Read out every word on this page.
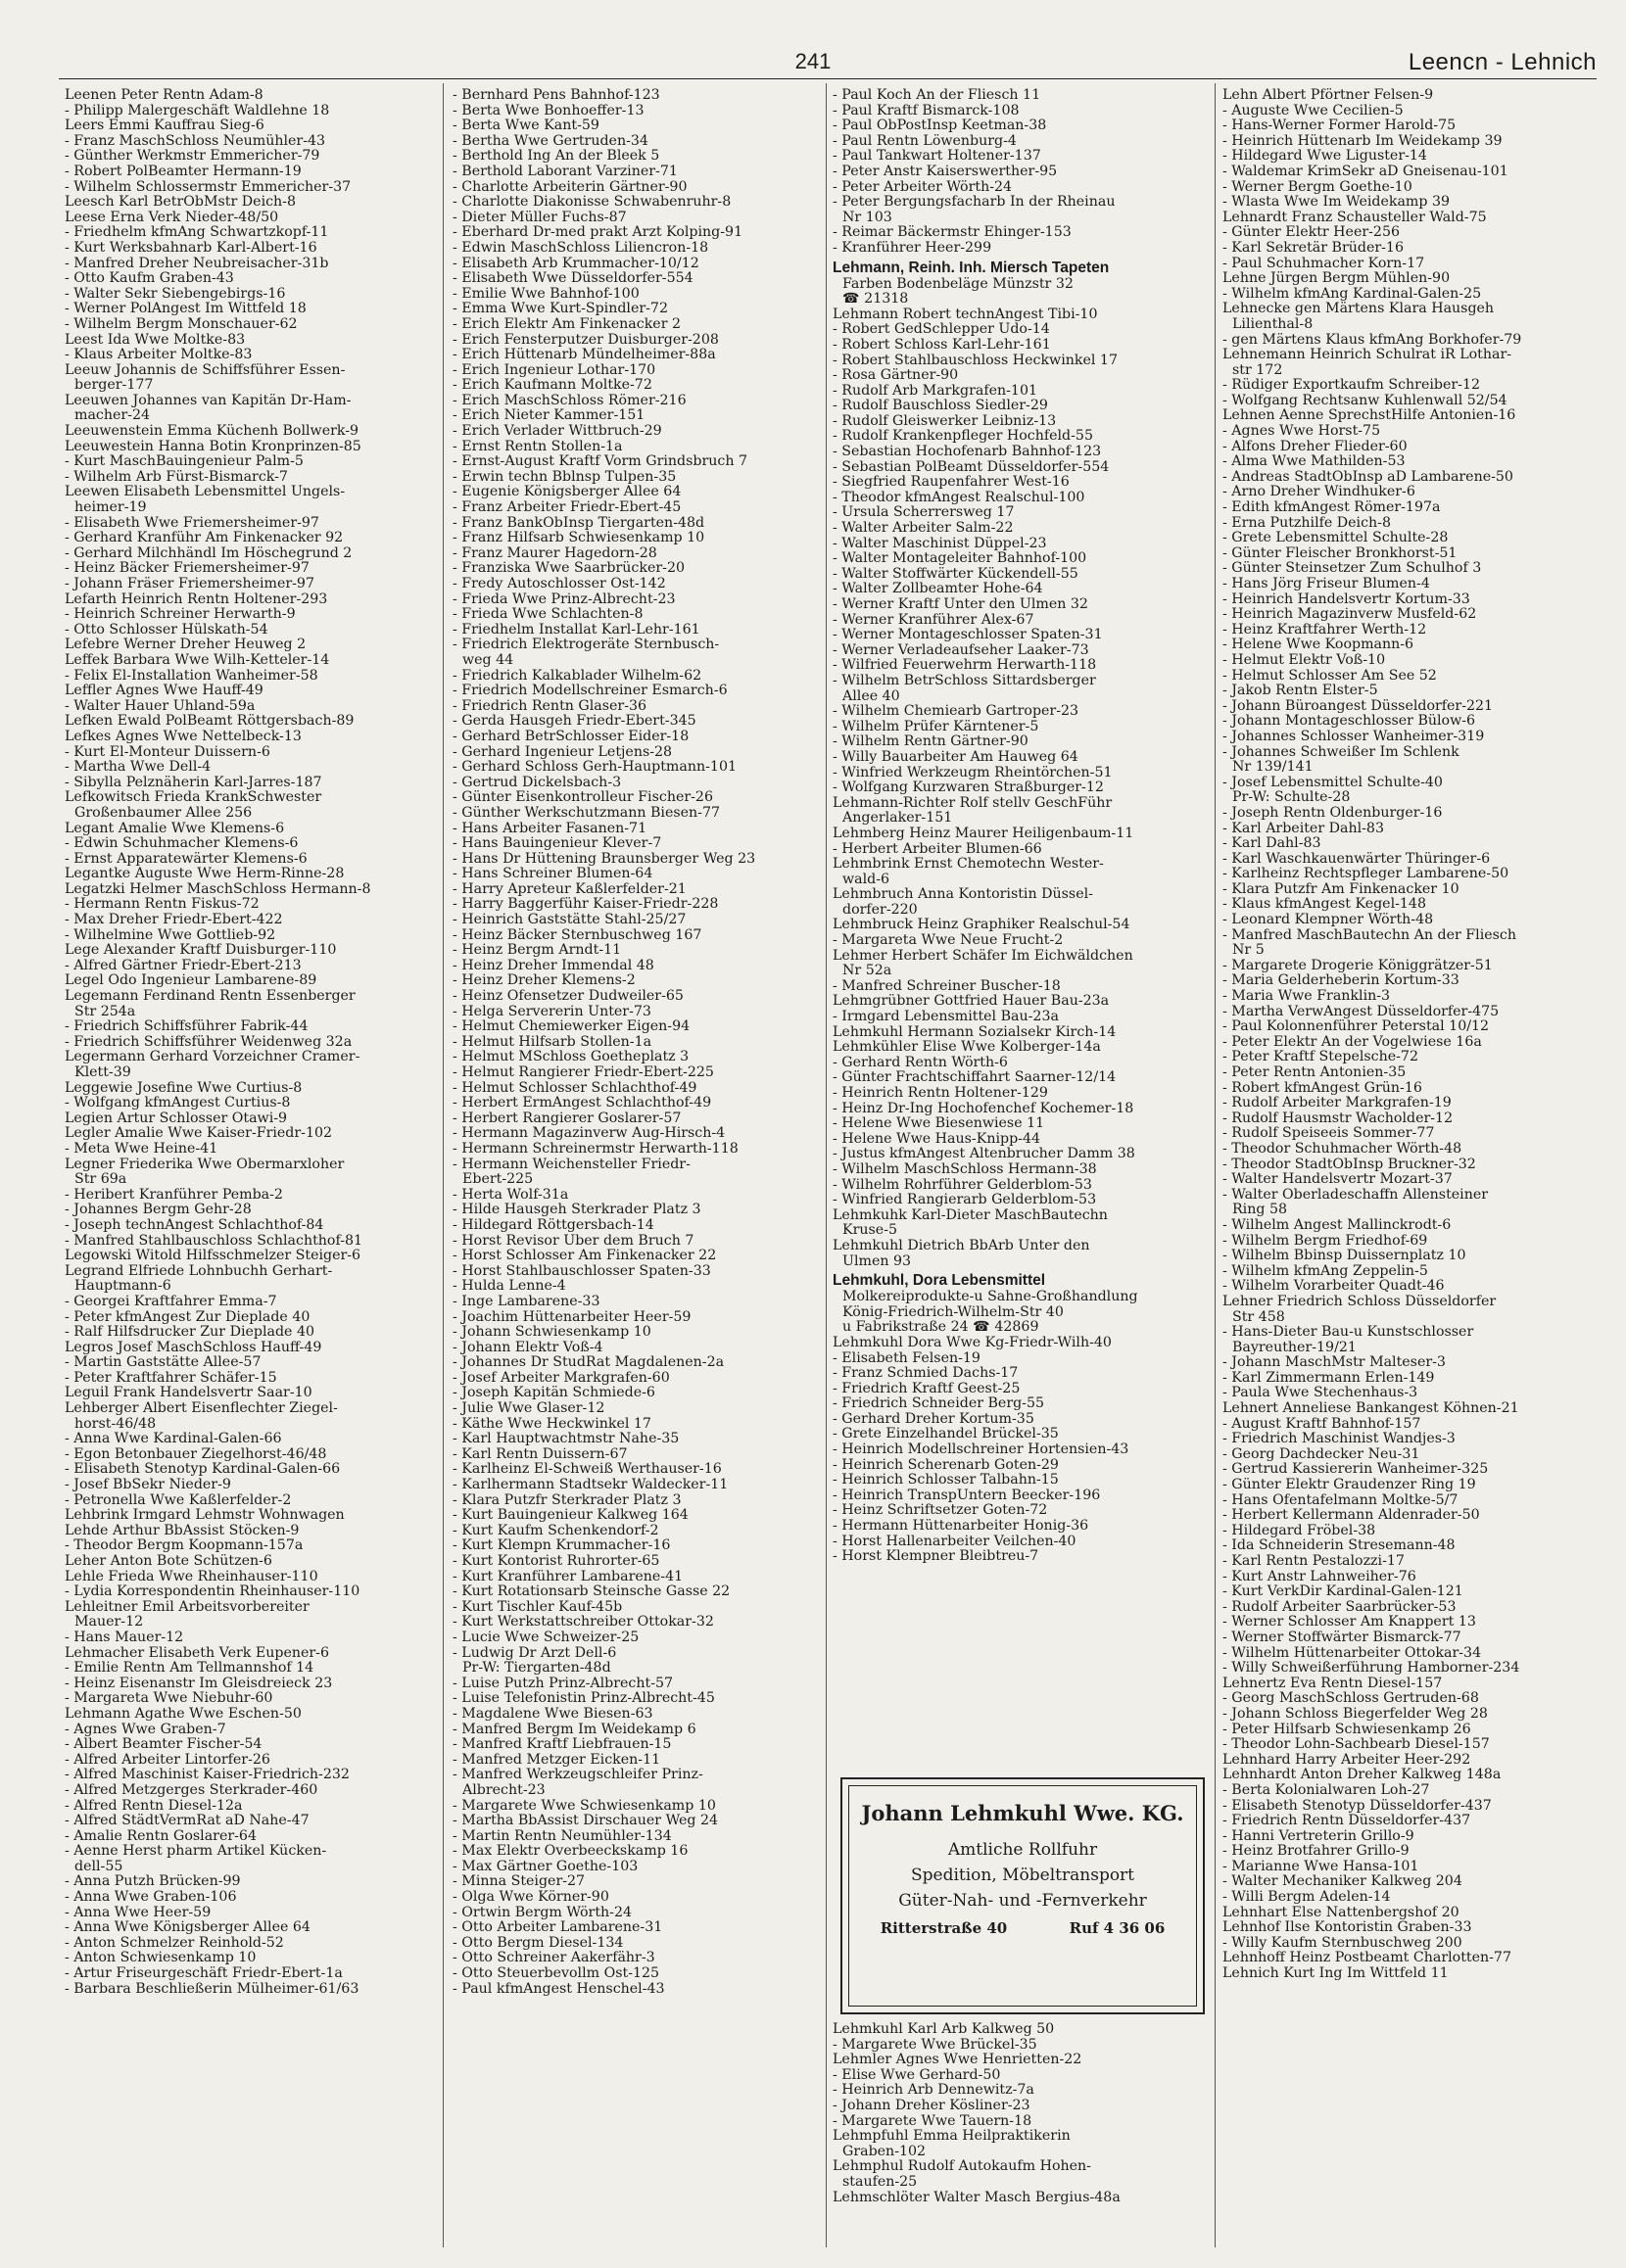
241	Leencn - Lehnich
Leenen Peter Rentn Adam-8
- Philipp Malergeschäft Waldlehne 18
Leers Emmi Kauffrau Sieg-6
- Franz MaschSchloss Neumühler-43
- Günther Werkmstr Emmericher-79
- Robert PolBeamter Hermann-19
- Wilhelm Schlossermstr Emmericher-37
Leesch Karl BetrObMstr Deich-8
Leese Erna Verk Nieder-48/50
- Friedhelm kfmAng Schwartzkopf-11
- Kurt Werksbahnarb Karl-Albert-16
- Manfred Dreher Neubreisacher-31b
- Otto Kaufm Graben-43
- Walter Sekr Siebengebirgs-16
- Werner PolAngest Im Wittfeld 18
- Wilhelm Bergm Monschauer-62
Leest Ida Wwe Moltke-83
- Klaus Arbeiter Moltke-83
Leeuw Johannis de Schiffsführer Essen-
berger-177
Leeuwen Johannes van Kapitän Dr-Ham-
macher-24
Leeuwenstein Emma Küchenh Bollwerk-9
Leeuwestein Hanna Botin Kronprinzen-85
- Kurt MaschBauingenieur Palm-5
- Wilhelm Arb Fürst-Bismarck-7
Leewen Elisabeth Lebensmittel Ungels-
heimer-19
- Elisabeth Wwe Friemersheimer-97
- Gerhard Kranführ Am Finkenacker 92
- Gerhard Milchhändl Im Höschegrund 2
- Heinz Bäcker Friemersheimer-97
- Johann Fräser Friemersheimer-97
Lefarth Heinrich Rentn Holtener-293
- Heinrich Schreiner Herwarth-9
- Otto Schlosser Hülskath-54
Lefebre Werner Dreher Heuweg 2
Leffek Barbara Wwe Wilh-Ketteler-14
- Felix El-Installation Wanheimer-58
Leffler Agnes Wwe Hauff-49
- Walter Hauer Uhland-59a
Lefken Ewald PolBeamt Röttgersbach-89
Lefkes Agnes Wwe Nettelbeck-13
- Kurt El-Monteur Duissern-6
- Martha Wwe Dell-4
- Sibylla Pelznäherin Karl-Jarres-187
Lefkowitsch Frieda KrankSchwester
Großenbaumer Allee 256
Legant Amalie Wwe Klemens-6
- Edwin Schuhmacher Klemens-6
- Ernst Apparatewärter Klemens-6
Legantke Auguste Wwe Herm-Rinne-28
Legatzki Helmer MaschSchloss Hermann-8
- Hermann Rentn Fiskus-72
- Max Dreher Friedr-Ebert-422
- Wilhelmine Wwe Gottlieb-92
Lege Alexander Kraftf Duisburger-110
- Alfred Gärtner Friedr-Ebert-213
Legel Odo Ingenieur Lambarene-89
Legemann Ferdinand Rentn Essenberger
Str 254a
- Friedrich Schiffsführer Fabrik-44
- Friedrich Schiffsführer Weidenweg 32a
Legermann Gerhard Vorzeichner Cramer-
Klett-39
Leggewie Josefine Wwe Curtius-8
- Wolfgang kfmAngest Curtius-8
Legien Artur Schlosser Otawi-9
Legler Amalie Wwe Kaiser-Friedr-102
- Meta Wwe Heine-41
Legner Friederika Wwe Obermarxloher
Str 69a
- Heribert Kranführer Pemba-2
- Johannes Bergm Gehr-28
- Joseph technAngest Schlachthof-84
- Manfred Stahlbauschloss Schlachthof-81
Legowski Witold Hilfsschmelzer Steiger-6
Legrand Elfriede Lohnbuchh Gerhart-
Hauptmann-6
- Georgei Kraftfahrer Emma-7
- Peter kfmAngest Zur Dieplade 40
- Ralf Hilfsdrucker Zur Dieplade 40
Legros Josef MaschSchloss Hauff-49
- Martin Gaststätte Allee-57
- Peter Kraftfahrer Schäfer-15
Leguil Frank Handelsvertr Saar-10
Lehberger Albert Eisenflechter Ziegel-
horst-46/48
- Anna Wwe Kardinal-Galen-66
- Egon Betonbauer Ziegelhorst-46/48
- Elisabeth Stenotyp Kardinal-Galen-66
- Josef BbSekr Nieder-9
- Petronella Wwe Kaßlerfelder-2
Lehbrink Irmgard Lehmstr Wohnwagen
Lehde Arthur BbAssist Stöcken-9
- Theodor Bergm Koopmann-157a
Leher Anton Bote Schützen-6
Lehle Frieda Wwe Rheinhauser-110
- Lydia Korrespondentin Rheinhauser-110
Lehleitner Emil Arbeitsvorbereiter
Mauer-12
- Hans Mauer-12
Lehmacher Elisabeth Verk Eupener-6
- Emilie Rentn Am Tellmannshof 14
- Heinz Eisenanstr Im Gleisdreieck 23
- Margareta Wwe Niebuhr-60
Lehmann Agathe Wwe Eschen-50
- Agnes Wwe Graben-7
- Albert Beamter Fischer-54
- Alfred Arbeiter Lintorfer-26
- Alfred Maschinist Kaiser-Friedrich-232
- Alfred Metzgerges Sterkrader-460
- Alfred Rentn Diesel-12a
- Alfred StädtVermRat aD Nahe-47
- Amalie Rentn Goslarer-64
- Aenne Herst pharm Artikel Kücken-
dell-55
- Anna Putzh Brücken-99
- Anna Wwe Graben-106
- Anna Wwe Heer-59
- Anna Wwe Königsberger Allee 64
- Anton Schmelzer Reinhold-52
- Anton Schwiesenkamp 10
- Artur Friseurgeschäft Friedr-Ebert-1a
- Barbara Beschließerin Mülheimer-61/63
- Bernhard Pens Bahnhof-123
- Berta Wwe Bonhoeffer-13
- Berta Wwe Kant-59
- Bertha Wwe Gertruden-34
- Berthold Ing An der Bleek 5
- Berthold Laborant Varziner-71
- Charlotte Arbeiterin Gärtner-90
- Charlotte Diakonisse Schwabenruhr-8
- Dieter Müller Fuchs-87
- Eberhard Dr-med prakt Arzt Kolping-91
- Edwin MaschSchloss Liliencron-18
- Elisabeth Arb Krummacher-10/12
- Elisabeth Wwe Düsseldorfer-554
- Emilie Wwe Bahnhof-100
- Emma Wwe Kurt-Spindler-72
- Erich Elektr Am Finkenacker 2
- Erich Fensterputzer Duisburger-208
- Erich Hüttenarb Mündelheimer-88a
- Erich Ingenieur Lothar-170
- Erich Kaufmann Moltke-72
- Erich MaschSchloss Römer-216
- Erich Nieter Kammer-151
- Erich Verlader Wittbruch-29
- Ernst Rentn Stollen-1a
- Ernst-August Kraftf Vorm Grindsbruch 7
- Erwin techn Bblnsp Tulpen-35
- Eugenie Königsberger Allee 64
- Franz Arbeiter Friedr-Ebert-45
- Franz BankObInsp Tiergarten-48d
- Franz Hilfsarb Schwiesenkamp 10
- Franz Maurer Hagedorn-28
- Franziska Wwe Saarbrücker-20
- Fredy Autoschlosser Ost-142
- Frieda Wwe Prinz-Albrecht-23
- Frieda Wwe Schlachten-8
- Friedhelm Installat Karl-Lehr-161
- Friedrich Elektrogeräte Sternbusch-
weg 44
- Friedrich Kalkablader Wilhelm-62
- Friedrich Modellschreiner Esmarch-6
- Friedrich Rentn Glaser-36
- Gerda Hausgeh Friedr-Ebert-345
- Gerhard BetrSchlosser Eider-18
- Gerhard Ingenieur Letjens-28
- Gerhard Schloss Gerh-Hauptmann-101
- Gertrud Dickelsbach-3
- Günter Eisenkontrolleur Fischer-26
- Günther Werkschutzmann Biesen-77
- Hans Arbeiter Fasanen-71
- Hans Bauingenieur Klever-7
- Hans Dr Hüttening Braunsberger Weg 23
- Hans Schreiner Blumen-64
- Harry Apreteur Kaßlerfelder-21
- Harry Baggerführ Kaiser-Friedr-228
- Heinrich Gaststätte Stahl-25/27
- Heinz Bäcker Sternbuschweg 167
- Heinz Bergm Arndt-11
- Heinz Dreher Immendal 48
- Heinz Dreher Klemens-2
- Heinz Ofensetzer Dudweiler-65
- Helga Servererin Unter-73
- Helmut Chemiewerker Eigen-94
- Helmut Hilfsarb Stollen-1a
- Helmut MSchloss Goetheplatz 3
- Helmut Rangierer Friedr-Ebert-225
- Helmut Schlosser Schlachthof-49
- Herbert ErmAngest Schlachthof-49
- Herbert Rangierer Goslarer-57
- Hermann Magazinverw Aug-Hirsch-4
- Hermann Schreinermstr Herwarth-118
- Hermann Weichensteller Friedr-
Ebert-225
- Herta Wolf-31a
- Hilde Hausgeh Sterkrader Platz 3
- Hildegard Röttgersbach-14
- Horst Revisor Über dem Bruch 7
- Horst Schlosser Am Finkenacker 22
- Horst Stahlbauschlosser Spaten-33
- Hulda Lenne-4
- Inge Lambarene-33
- Joachim Hüttenarbeiter Heer-59
- Johann Schwiesenkamp 10
- Johann Elektr Voß-4
- Johannes Dr StudRat Magdalenen-2a
- Josef Arbeiter Markgrafen-60
- Joseph Kapitän Schmiede-6
- Julie Wwe Glaser-12
- Käthe Wwe Heckwinkel 17
- Karl Hauptwachtmstr Nahe-35
- Karl Rentn Duissern-67
- Karlheinz El-Schweiß Werthauser-16
- Karlhermann Stadtsekr Waldecker-11
- Klara Putzfr Sterkrader Platz 3
- Kurt Bauingenieur Kalkweg 164
- Kurt Kaufm Schenkendorf-2
- Kurt Klempn Krummacher-16
- Kurt Kontorist Ruhrorter-65
- Kurt Kranführer Lambarene-41
- Kurt Rotationsarb Steinsche Gasse 22
- Kurt Tischler Kauf-45b
- Kurt Werkstattschreiber Ottokar-32
- Lucie Wwe Schweizer-25
- Ludwig Dr Arzt Dell-6
Pr-W: Tiergarten-48d
- Luise Putzh Prinz-Albrecht-57
- Luise Telefonistin Prinz-Albrecht-45
- Magdalene Wwe Biesen-63
- Manfred Bergm Im Weidekamp 6
- Manfred Kraftf Liebfrauen-15
- Manfred Metzger Eicken-11
- Manfred Werkzeugschleifer Prinz-
Albrecht-23
- Margarete Wwe Schwiesenkamp 10
- Martha BbAssist Dirschauer Weg 24
- Martin Rentn Neumühler-134
- Max Elektr Overbeeckskamp 16
- Max Gärtner Goethe-103
- Minna Steiger-27
- Olga Wwe Körner-90
- Ortwin Bergm Wörth-24
- Otto Arbeiter Lambarene-31
- Otto Bergm Diesel-134
- Otto Schreiner Aakerfähr-3
- Otto Steuerbevollm Ost-125
- Paul kfmAngest Henschel-43
- Paul Koch An der Fliesch 11
- Paul Kraftf Bismarck-108
- Paul ObPostInsp Keetman-38
- Paul Rentn Löwenburg-4
- Paul Tankwart Holtener-137
- Peter Anstr Kaiserswerther-95
- Peter Arbeiter Wörth-24
- Peter Bergungsfacharb In der Rheinau
Nr 103
- Reimar Bäckermstr Ehinger-153
- Kranführer Heer-299
Lehmann, Reinh. Inh. Miersch Tapeten
Farben Bodenbeläge Münzstr 32
☎ 21318
Lehmann Robert technAngest Tibi-10
- Robert GedSchlepper Udo-14
- Robert Schloss Karl-Lehr-161
- Robert Stahlbauschloss Heckwinkel 17
- Rosa Gärtner-90
- Rudolf Arb Markgrafen-101
- Rudolf Bauschloss Siedler-29
- Rudolf Gleiswerker Leibniz-13
- Rudolf Krankenpfleger Hochfeld-55
- Sebastian Hochofenarb Bahnhof-123
- Sebastian PolBeamt Düsseldorfer-554
- Siegfried Raupenfahrer West-16
- Theodor kfmAngest Realschul-100
- Ursula Scherrersweg 17
- Walter Arbeiter Salm-22
- Walter Maschinist Düppel-23
- Walter Montageleiter Bahnhof-100
- Walter Stoffwärter Kückendell-55
- Walter Zollbeamter Hohe-64
- Werner Kraftf Unter den Ulmen 32
- Werner Kranführer Alex-67
- Werner Montageschlosser Spaten-31
- Werner Verladeaufseher Laaker-73
- Wilfried Feuerwehrm Herwarth-118
- Wilhelm BetrSchloss Sittardsberger
Allee 40
- Wilhelm Chemiearb Gartroper-23
- Wilhelm Prüfer Kärntener-5
- Wilhelm Rentn Gärtner-90
- Willy Bauarbeiter Am Hauweg 64
- Winfried Werkzeugm Rheintörchen-51
- Wolfgang Kurzwaren Straßburger-12
Lehmann-Richter Rolf stellv GeschFühr
Angerlaker-151
Lehmberg Heinz Maurer Heiligenbaum-11
- Herbert Arbeiter Blumen-66
Lehmbrink Ernst Chemotechn Wester-
wald-6
Lehmbruch Anna Kontoristin Düssel-
dorfer-220
Lehmbruck Heinz Graphiker Realschul-54
- Margareta Wwe Neue Frucht-2
Lehmer Herbert Schäfer Im Eichwäldchen
Nr 52a
- Manfred Schreiner Buscher-18
Lehmgrübner Gottfried Hauer Bau-23a
- Irmgard Lebensmittel Bau-23a
Lehmkuhl Hermann Sozialsekr Kirch-14
Lehmkühler Elise Wwe Kolberger-14a
- Gerhard Rentn Wörth-6
- Günter Frachtschiffahrt Saarner-12/14
- Heinrich Rentn Holtener-129
- Heinz Dr-Ing Hochofenchef Kochemer-18
- Helene Wwe Biesenwiese 11
- Helene Wwe Haus-Knipp-44
- Justus kfmAngest Altenbrucher Damm 38
- Wilhelm MaschSchloss Hermann-38
- Wilhelm Rohrführer Gelderblom-53
- Winfried Rangierarb Gelderblom-53
Lehmkuhk Karl-Dieter MaschBautechn
Kruse-5
Lehmkuhl Dietrich BbArb Unter den
Ulmen 93
Lehmkuhl, Dora Lebensmittel
Molkereiprodukte-u Sahne-Großhandlung
König-Friedrich-Wilhelm-Str 40
u Fabrikstraße 24 ☎ 42869
Lehmkuhl Dora Wwe Kg-Friedr-Wilh-40
- Elisabeth Felsen-19
- Franz Schmied Dachs-17
- Friedrich Kraftf Geest-25
- Friedrich Schneider Berg-55
- Gerhard Dreher Kortum-35
- Grete Einzelhandel Brückel-35
- Heinrich Modellschreiner Hortensien-43
- Heinrich Scherenarb Goten-29
- Heinrich Schlosser Talbahn-15
- Heinrich TranspUntern Beecker-196
- Heinz Schriftsetzer Goten-72
- Hermann Hüttenarbeiter Honig-36
- Horst Hallenarbeiter Veilchen-40
- Horst Klempner Bleibtreu-7
Lehn Albert Pförtner Felsen-9
- Auguste Wwe Cecilien-5
- Hans-Werner Former Harold-75
- Heinrich Hüttenarb Im Weidekamp 39
- Hildegard Wwe Liguster-14
- Waldemar KrimSekr aD Gneisenau-101
- Werner Bergm Goethe-10
- Wlasta Wwe Im Weidekamp 39
Lehnardt Franz Schausteller Wald-75
- Günter Elektr Heer-256
- Karl Sekretär Brüder-16
- Paul Schuhmacher Korn-17
Lehne Jürgen Bergm Mühlen-90
- Wilhelm kfmAng Kardinal-Galen-25
Lehnecke gen Märtens Klara Hausgeh
Lilienthal-8
- gen Märtens Klaus kfmAng Borkhofer-79
Lehnemann Heinrich Schulrat iR Lothar-
str 172
- Rüdiger Exportkaufm Schreiber-12
- Wolfgang Rechtsanw Kuhlenwall 52/54
Lehnen Aenne SprechstHilfe Antonien-16
- Agnes Wwe Horst-75
- Alfons Dreher Flieder-60
- Alma Wwe Mathilden-53
- Andreas StadtObInsp aD Lambarene-50
- Arno Dreher Windhuker-6
- Edith kfmAngest Römer-197a
- Erna Putzhilfe Deich-8
- Grete Lebensmittel Schulte-28
- Günter Fleischer Bronkhorst-51
- Günter Steinsetzer Zum Schulhof 3
- Hans Jörg Friseur Blumen-4
- Heinrich Handelsvertr Kortum-33
- Heinrich Magazinverw Musfeld-62
- Heinz Kraftfahrer Werth-12
- Helene Wwe Koopmann-6
- Helmut Elektr Voß-10
- Helmut Schlosser Am See 52
- Jakob Rentn Elster-5
- Johann Büroangest Düsseldorfer-221
- Johann Montageschlosser Bülow-6
- Johannes Schlosser Wanheimer-319
- Johannes Schweißer Im Schlenk
Nr 139/141
- Josef Lebensmittel Schulte-40
Pr-W: Schulte-28
- Joseph Rentn Oldenburger-16
- Karl Arbeiter Dahl-83
- Karl Dahl-83
- Karl Waschkauenwärter Thüringer-6
- Karlheinz Rechtspfleger Lambarene-50
- Klara Putzfr Am Finkenacker 10
- Klaus kfmAngest Kegel-148
- Leonard Klempner Wörth-48
- Manfred MaschBautechn An der Fliesch
Nr 5
- Margarete Drogerie Königgrätzer-51
- Maria Gelderheberin Kortum-33
- Maria Wwe Franklin-3
- Martha VerwAngest Düsseldorfer-475
- Paul Kolonnenführer Peterstal 10/12
- Peter Elektr An der Vogelwiese 16a
- Peter Kraftf Stepelsche-72
- Peter Rentn Antonien-35
- Robert kfmAngest Grün-16
- Rudolf Arbeiter Markgrafen-19
- Rudolf Hausmstr Wacholder-12
- Rudolf Speiseeis Sommer-77
- Theodor Schuhmacher Wörth-48
- Theodor StadtObInsp Bruckner-32
- Walter Handelsvertr Mozart-37
- Walter Oberladeschaffn Allensteiner
Ring 58
- Wilhelm Angest Mallinckrodt-6
- Wilhelm Bergm Friedhof-69
- Wilhelm Bbinsp Duissernplatz 10
- Wilhelm kfmAng Zeppelin-5
- Wilhelm Vorarbeiter Quadt-46
Lehner Friedrich Schloss Düsseldorfer
Str 458
- Hans-Dieter Bau-u Kunstschlosser
Bayreuther-19/21
- Johann MaschMstr Malteser-3
- Karl Zimmermann Erlen-149
- Paula Wwe Stechenhaus-3
Lehnert Anneliese Bankangest Köhnen-21
- August Kraftf Bahnhof-157
- Friedrich Maschinist Wandjes-3
- Georg Dachdecker Neu-31
- Gertrud Kassiererin Wanheimer-325
- Günter Elektr Graudenzer Ring 19
- Hans Ofentafelmann Moltke-5/7
- Herbert Kellermann Aldenrader-50
- Hildegard Fröbel-38
- Ida Schneiderin Stresemann-48
- Karl Rentn Pestalozzi-17
- Kurt Anstr Lahnweiher-76
- Kurt VerkDir Kardinal-Galen-121
- Rudolf Arbeiter Saarbrücker-53
- Werner Schlosser Am Knappert 13
- Werner Stoffwärter Bismarck-77
- Wilhelm Hüttenarbeiter Ottokar-34
- Willy Schweißerführung Hamborner-234
Lehnertz Eva Rentn Diesel-157
- Georg MaschSchloss Gertruden-68
- Johann Schloss Biegerfelder Weg 28
- Peter Hilfsarb Schwiesenkamp 26
- Theodor Lohn-Sachbearb Diesel-157
Lehnhard Harry Arbeiter Heer-292
Lehnhardt Anton Dreher Kalkweg 148a
- Berta Kolonialwaren Loh-27
- Elisabeth Stenotyp Düsseldorfer-437
- Friedrich Rentn Düsseldorfer-437
- Hanni Vertreterin Grillo-9
- Heinz Brotfahrer Grillo-9
- Marianne Wwe Hansa-101
- Walter Mechaniker Kalkweg 204
- Willi Bergm Adelen-14
Lehnhart Else Nattenbergshof 20
Lehnhof Ilse Kontoristin Graben-33
- Willy Kaufm Sternbuschweg 200
Lehnhoff Heinz Postbeamt Charlotten-77
Lehnich Kurt Ing Im Wittfeld 11
Johann Lehmkuhl Wwe. KG.
Amtliche Rollfuhr
Spedition, Möbeltransport
Güter-Nah- und -Fernverkehr
Ritterstraße 40	Ruf 4 36 06
Lehmkuhl Karl Arb Kalkweg 50
- Margarete Wwe Brückel-35
Lehmler Agnes Wwe Henrietten-22
- Elise Wwe Gerhard-50
- Heinrich Arb Dennewitz-7a
- Johann Dreher Kösliner-23
- Margarete Wwe Tauern-18
Lehmpfuhl Emma Heilpraktikerin
Graben-102
Lehmphul Rudolf Autokaufm Hohen-
staufen-25
Lehmschlöter Walter Masch Bergius-48a
